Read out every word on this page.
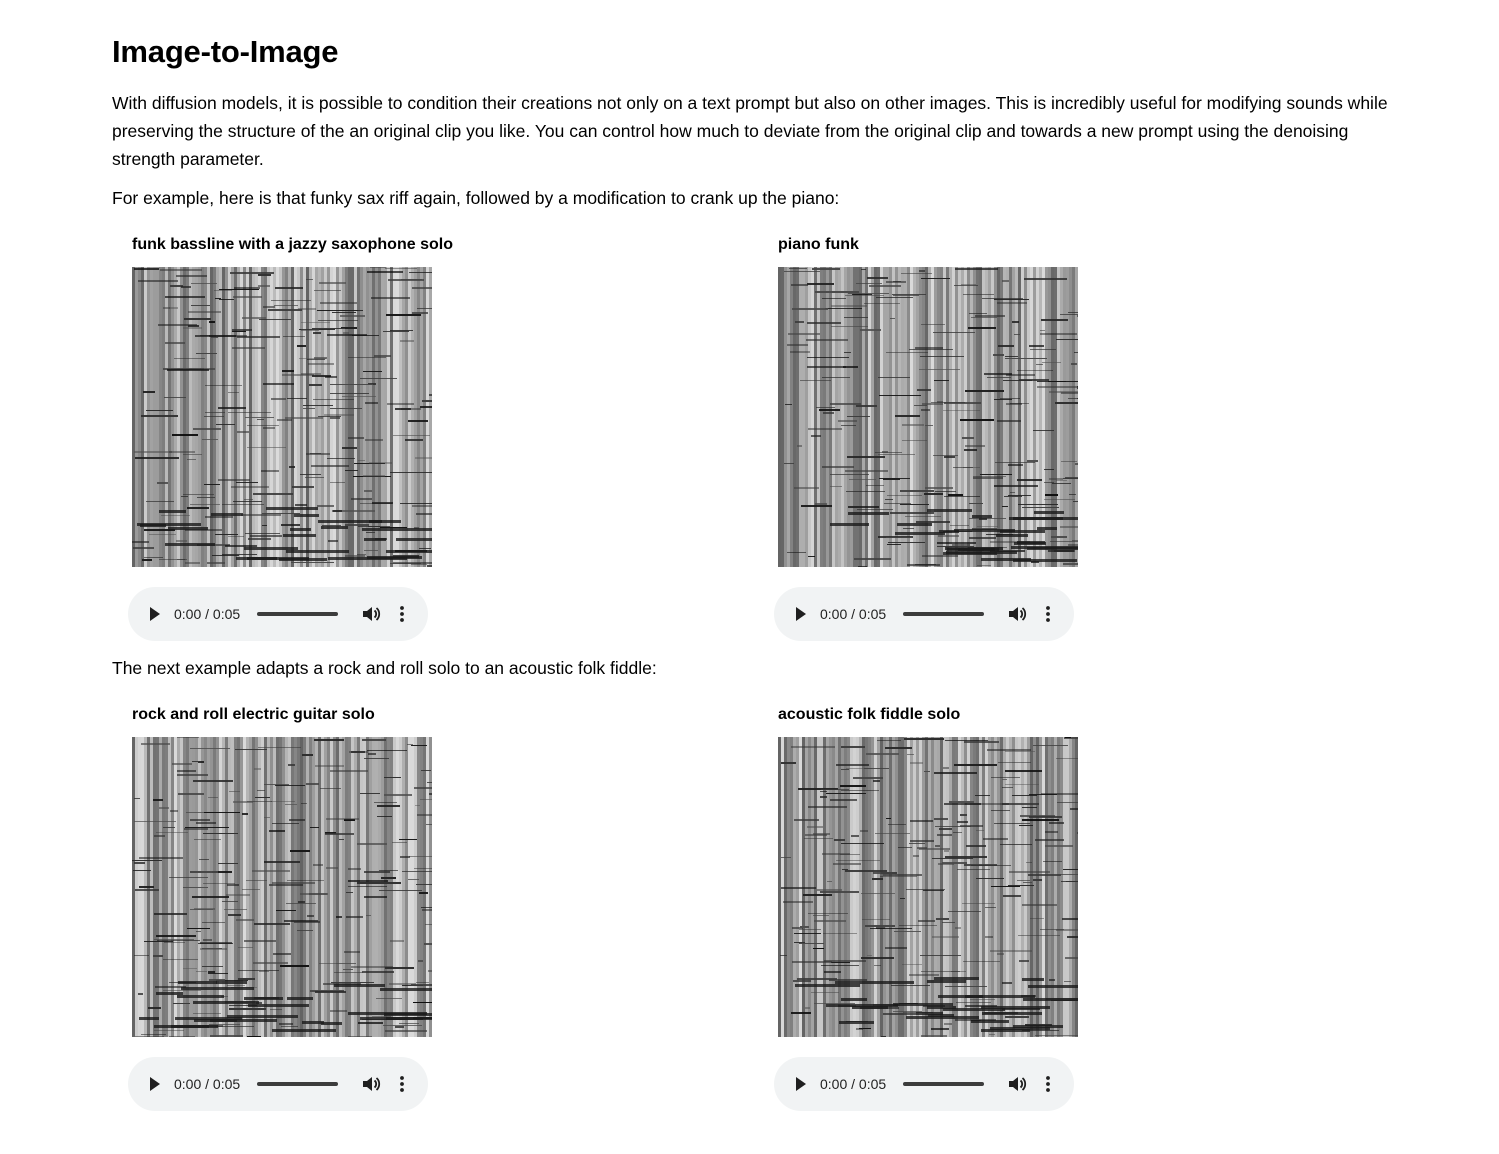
Image-to-Image

With diffusion models, it is possible to condition their creations not only on a text prompt but also on other images. This is incredibly useful for modifying sounds while preserving the structure of the an original clip you like. You can control how much to deviate from the original clip and towards a new prompt using the denoising strength parameter.

For example, here is that funky sax riff again, followed by a modification to crank up the piano:

funk bassline with a jazzy saxophone solo
0:00 / 0:05
piano funk
0:00 / 0:05

The next example adapts a rock and roll solo to an acoustic folk fiddle:

rock and roll electric guitar solo
0:00 / 0:05
acoustic folk fiddle solo
0:00 / 0:05
